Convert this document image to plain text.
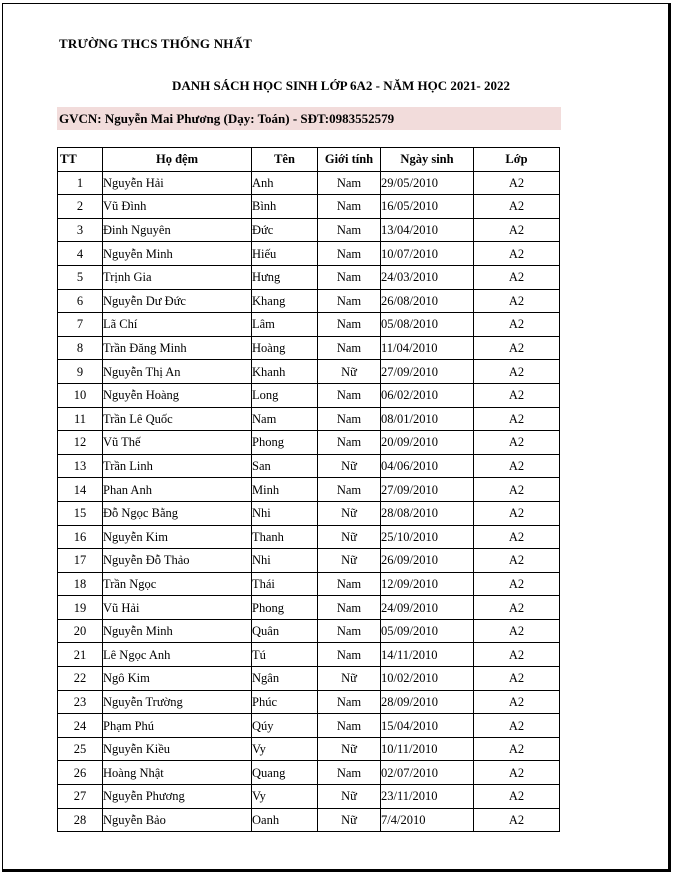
TRƯỜNG THCS THỐNG NHẤT
DANH SÁCH HỌC SINH LỚP 6A2 - NĂM HỌC 2021- 2022
GVCN: Nguyễn Mai Phương (Dạy: Toán) - SĐT:0983552579
TT	Họ đệm	Tên	Giới tính	Ngày sinh	Lớp
1	Nguyễn Hải	Anh	Nam	29/05/2010	A2
2	Vũ Đình	Bình	Nam	16/05/2010	A2
3	Đinh Nguyên	Đức	Nam	13/04/2010	A2
4	Nguyễn Minh	Hiếu	Nam	10/07/2010	A2
5	Trịnh Gia	Hưng	Nam	24/03/2010	A2
6	Nguyễn Dư Đức	Khang	Nam	26/08/2010	A2
7	Lã Chí	Lâm	Nam	05/08/2010	A2
8	Trần Đăng Minh	Hoàng	Nam	11/04/2010	A2
9	Nguyễn Thị An	Khanh	Nữ	27/09/2010	A2
10	Nguyễn Hoàng	Long	Nam	06/02/2010	A2
11	Trần Lê Quốc	Nam	Nam	08/01/2010	A2
12	Vũ Thế	Phong	Nam	20/09/2010	A2
13	Trần Linh	San	Nữ	04/06/2010	A2
14	Phan Anh	Minh	Nam	27/09/2010	A2
15	Đỗ Ngọc Bằng	Nhi	Nữ	28/08/2010	A2
16	Nguyễn Kim	Thanh	Nữ	25/10/2010	A2
17	Nguyễn Đỗ Thảo	Nhi	Nữ	26/09/2010	A2
18	Trần Ngọc	Thái	Nam	12/09/2010	A2
19	Vũ Hải	Phong	Nam	24/09/2010	A2
20	Nguyễn Minh	Quân	Nam	05/09/2010	A2
21	Lê Ngọc Anh	Tú	Nam	14/11/2010	A2
22	Ngô Kim	Ngân	Nữ	10/02/2010	A2
23	Nguyễn Trường	Phúc	Nam	28/09/2010	A2
24	Phạm Phú	Qúy	Nam	15/04/2010	A2
25	Nguyễn Kiều	Vy	Nữ	10/11/2010	A2
26	Hoàng Nhật	Quang	Nam	02/07/2010	A2
27	Nguyễn Phương	Vy	Nữ	23/11/2010	A2
28	Nguyễn Bảo	Oanh	Nữ	7/4/2010	A2
